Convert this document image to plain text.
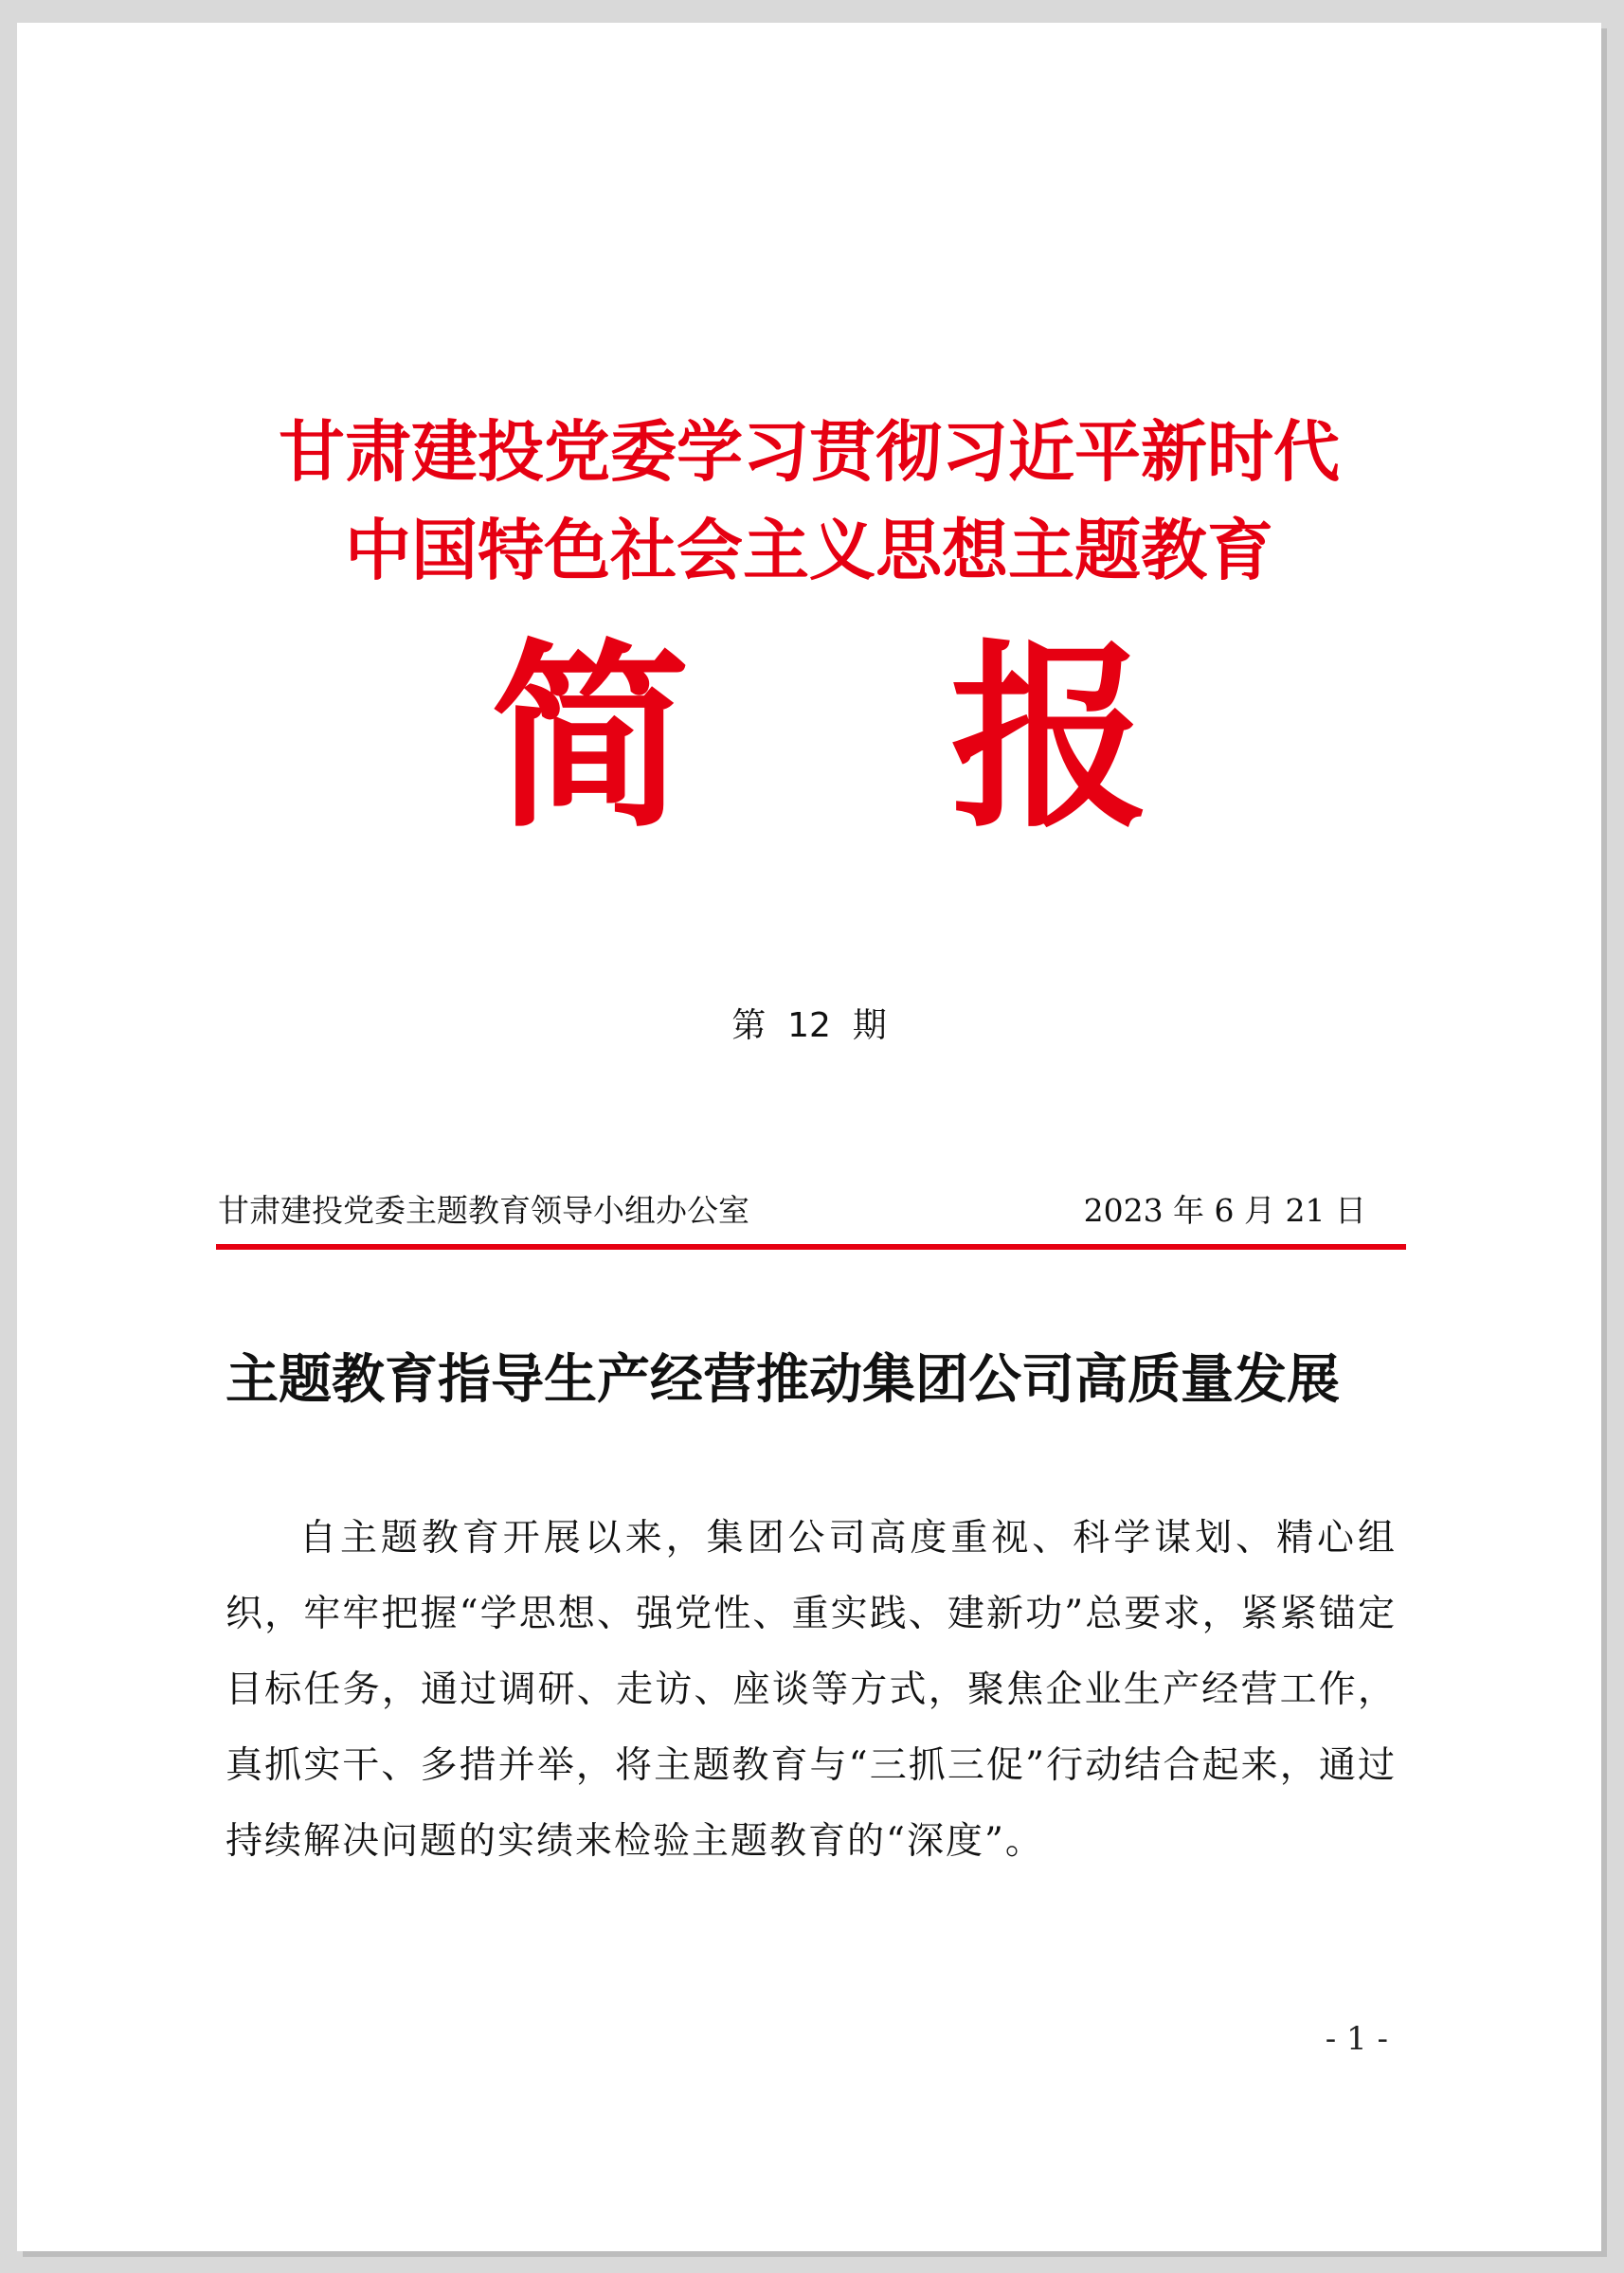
甘肃建投党委学习贯彻习近平新时代
中国特色社会主义思想主题教育
简 报
第  12  期
甘肃建投党委主题教育领导小组办公室	2023 年 6 月 21 日
主题教育指导生产经营推动集团公司高质量发展

自主题教育开展以来，集团公司高度重视、科学谋划、精心组织，牢牢把握“学思想、强党性、重实践、建新功”总要求，紧紧锚定目标任务，通过调研、走访、座谈等方式，聚焦企业生产经营工作，真抓实干、多措并举，将主题教育与“三抓三促”行动结合起来，通过持续解决问题的实绩来检验主题教育的“深度”。

- 1 -
